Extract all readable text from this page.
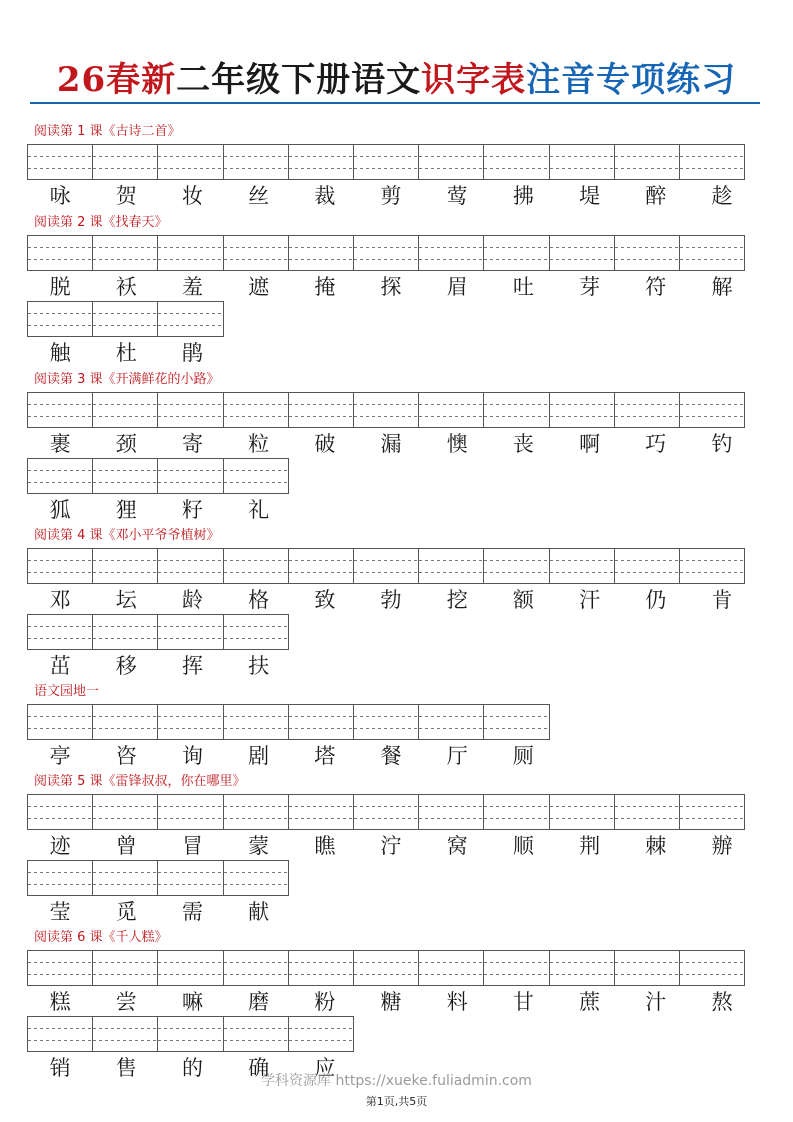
26春新二年级下册语文识字表注音专项练习
阅读第 1 课《古诗二首》
咏	贺	妆	丝	裁	剪	莺	拂	堤	醉	趁
阅读第 2 课《找春天》
脱	袄	羞	遮	掩	探	眉	吐	芽	符	解
触	杜	鹃
阅读第 3 课《开满鲜花的小路》
裹	颈	寄	粒	破	漏	懊	丧	啊	巧	钓
狐	狸	籽	礼
阅读第 4 课《邓小平爷爷植树》
邓	坛	龄	格	致	勃	挖	额	汗	仍	肯
茁	移	挥	扶
语文园地一
亭	咨	询	剧	塔	餐	厅	厕
阅读第 5 课《雷锋叔叔，你在哪里》
迹	曾	冒	蒙	瞧	泞	窝	顺	荆	棘	辦
莹	觅	需	献
阅读第 6 课《千人糕》
糕	尝	嘛	磨	粉	糖	料	甘	蔗	汁	熬
销	售	的	确	应
学科资源库 https://xueke.fuliadmin.com
第1页,共5页
